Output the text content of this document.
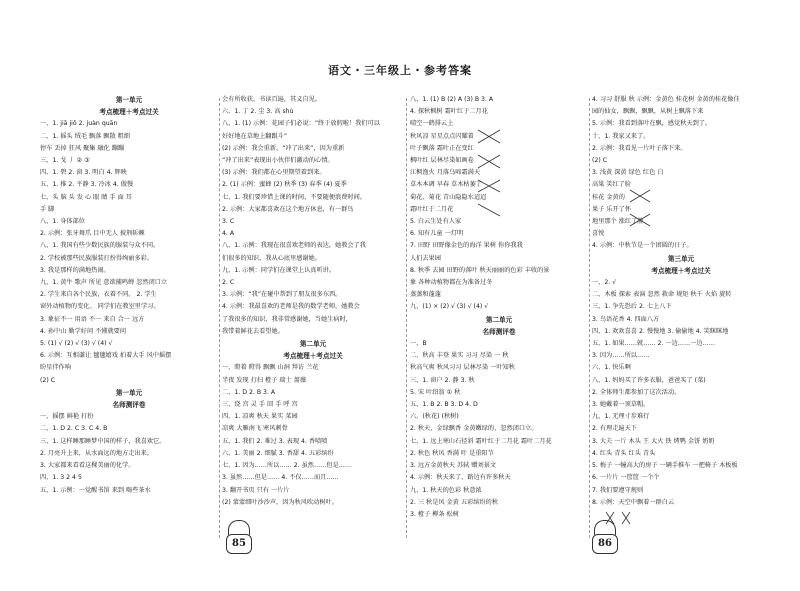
语文・三年级上・参考答案
第一单元
考点梳理＋考点过关
一、1. jiā jiō 2. juàn quān
二、1. 摇头 绒毛 飘落 飘散 粗细
停车 丢掉 狂风 聚集 融化 蹦蹦
三、1. 戈 丿 ② ③
四、1. 碧 2. 窗 3. 明白 4. 辉映
五、1. 推 2. 平静 3. 冷冰 4. 傲慢
七、头 脑 头 发 心 眼 睛 手 面 耳
手 脚
八、1. 身体部位
2. 示例：张牙舞爪 目中无人 披荆斩棘
八、1. 我国有些少数民族的服装与众不同。
2. 学校被那些民族服装打扮得绚丽多彩。
3. 我是那样的满地热闹。
九、1. 黄牛 歌声 所见 意欲捕鸣蝉 忽然闭口立
2. 学生来自各个民族，衣着不同。 2. 学生
窗外动植物的变化。 同学们在教室里学习。
3. 象征不一 用语 不一 来自 合一 远方
4. 孙中山 勤学好问 不懂就要问
5. (1) √ (2) √ (3) √ (4) √
6. 示例：互相谦让 毽毽嬉戏 拍着大手 风中摇摆
盼星伴作响
(2) C
第一单元
名师测评卷
一、摇摆 鲜艳 打扮
二、1. D 2. C 3. C 4. B
三、1. 这样睡那睡梦中国的样子，我喜欢它。
2. 月亮升上来，从水面远的地方走出来。
3. 大家都来看看这棵美丽的化学。
四、1. 3 2 4 5
五、1. 示例：一觉醒书馆 来到 喝些茶水
会有所收获。书读百遍，其义自见。
六、1. 丁 2. 尘 3. 高 shù
八、1. (1) 示例：花园子们必说：“终于放假啦！我们可以
好好地在草地上翻跟斗”
(2) 示例：我会重新，“冲了出来”，因为重新
“冲了出来”表现出小伙伴们激动的心情。
(3) 示例：我们都在心里期望着到来。
2. (1) 示例：蜜蜂 (2) 秋季 (3) 春季 (4) 夏季
七、1. 我们要珍惜上课的时间，不要随便浪费时间。
2. 示例：大家都喜欢在这个地方休息，有一群鸟
3. C
4. A
八、1. 示例：我现在很喜欢老师的表达，她教会了我
们很多的知识，我从心底里感谢她。
九、1. 示例：同学们在课堂上认真听讲。
2. C
3. 示例：“我”在碰中帮到了朋友很多东西。
4. 示例：我最喜欢的老师是我的数学老师，她教会
了我很多的知识，我非常感谢她，当她生病时，
我带着鲜花去看望她。
第二单元
考点梳理＋考点过关
一、瞪着 瞪得 飘飘 山洞 拜访 兰花
半夜 发现 打扫 橙子 瑞士 蔷薇
二、1. D 2. B 3. A
三、绕 宫 灵 手 回 手 呼 宫
四、1. 凉爽 秋天 果实 菜园
凉爽 大雁南飞 寒风刺骨
五、1. 我们 2. 难过 3. 表现 4. 香喷喷
六、1. 美丽 2. 细腻 3. 香甜 4. 五彩缤纷
七、1. 因为……所以…… 2. 虽然……但是……
3. 虽然……但是…… 4. 不仅……而且……
3. 翻开书页 只有 一片片
(2) 蒙蒙细叶沙沙声，因为秋风吹动树叶。
八、1. (1) B (2) A (3) B 3. A
4. 探秋枫树 霜叶红于二月花
晴空一鹤排云上
秋风凉 星星点点闪耀着
叶子飘落 霜叶正在变红
枫叶红 层林尽染如画卷
江枫渔火 月落乌啼霜满天
草木本调 早春 草木枯萎了
菊花、菊花 青山隐隐水迢迢
霜叶红于二月花
5. 白云生处有人家
6. 知有儿童 一灯明
7. 田野 田野像金色的海洋 果树 你你我我
人们去果园
8. 秋季 去园 田野的落叶 秋天丽丽的色彩 丰收的景
象 各种动植物都在为准备过冬
蒸蒸和蓬蓬
九、(1) × (2) √ (3) √ (4) √
第二单元
名师测评卷
一、B
二、秋高 丰登 果实 习习 尽染 一 秋
秋高气爽 秋风习习 层林尽染 一叶知秋
三、1. 窗户 2. 静 3. 秋
5. 宋 叶绍翁 ① 秋
五、1. B 2. B 3. D 4. D
六、(秋花) (秋树)
2. 秋天，金绿飘香 金黄嫩绿的，忽然闭口立。
七、1. 远上寒山石径斜 霜叶红于二月花 霜叶二月花
2. 秋色 秋风 香满 叶 是重阳节
3. 远方金黄秋天 苏轼 赠刘景文
4. 示例：秋天来了，路边有许多秋天
九、1. 秋天的色彩 秋意浓
2. 三 秋是风 金黄 五彩缤纷的秋
3. 橙子 柳条 松树
4. 习习 舒服 秋 示例：金黄色 桂花树 金黄的桂花像佳
园的仙女，飘飘，飘飘，从树上飘落下来
5. 示例：我看到落叶在飘，感觉秋天到了。
十、1. 我家又来了。
2. 示例：我看见一片叶子落下来。
(2) C
3. 浅黄 深黄 绿色 红色 白
高粱 笑红了脸
桂花 金黄的
果子 乐开了怀
地里那个 涨红了脸
喜悦
4. 示例：中秋节是一个团圆的日子。
第三单元
考点梳理＋考点过关
一、2. √
二、木板 探索 表演 忽然 救命 规矩 秋千 火焰 旋转
三、1. 争先恐后 2. 七上八下
3. 鸟语花香 4. 四面八方
四、1. 欢欢喜喜 2. 慢慢地 3. 偷偷地 4. 笑眯眯地
五、1. 如果……就…… 2. 一边……一边……
3. 因为……所以……
六、1. 快乐啊
八、1. 妈妈买了许多衣服，爸爸买了 (菜)
2. 全体师生都参加了这次活动。
3. 她戴着一顶草帽。
九、1. 无理寸步难行
2. 有理走遍天下
3. 大夫 一斤 木头 王 大火 铁 烤鸭 金饼 奶奶
4. 红头 青头 红头 青头
5. 梅子 一幢高大的房子 一辆手推车 一把椅子 木板板
6. 一片片 一筐筐 一个个
7. 我们要遵守规则
8. 示例：天空中飘着一群白云
85	86
